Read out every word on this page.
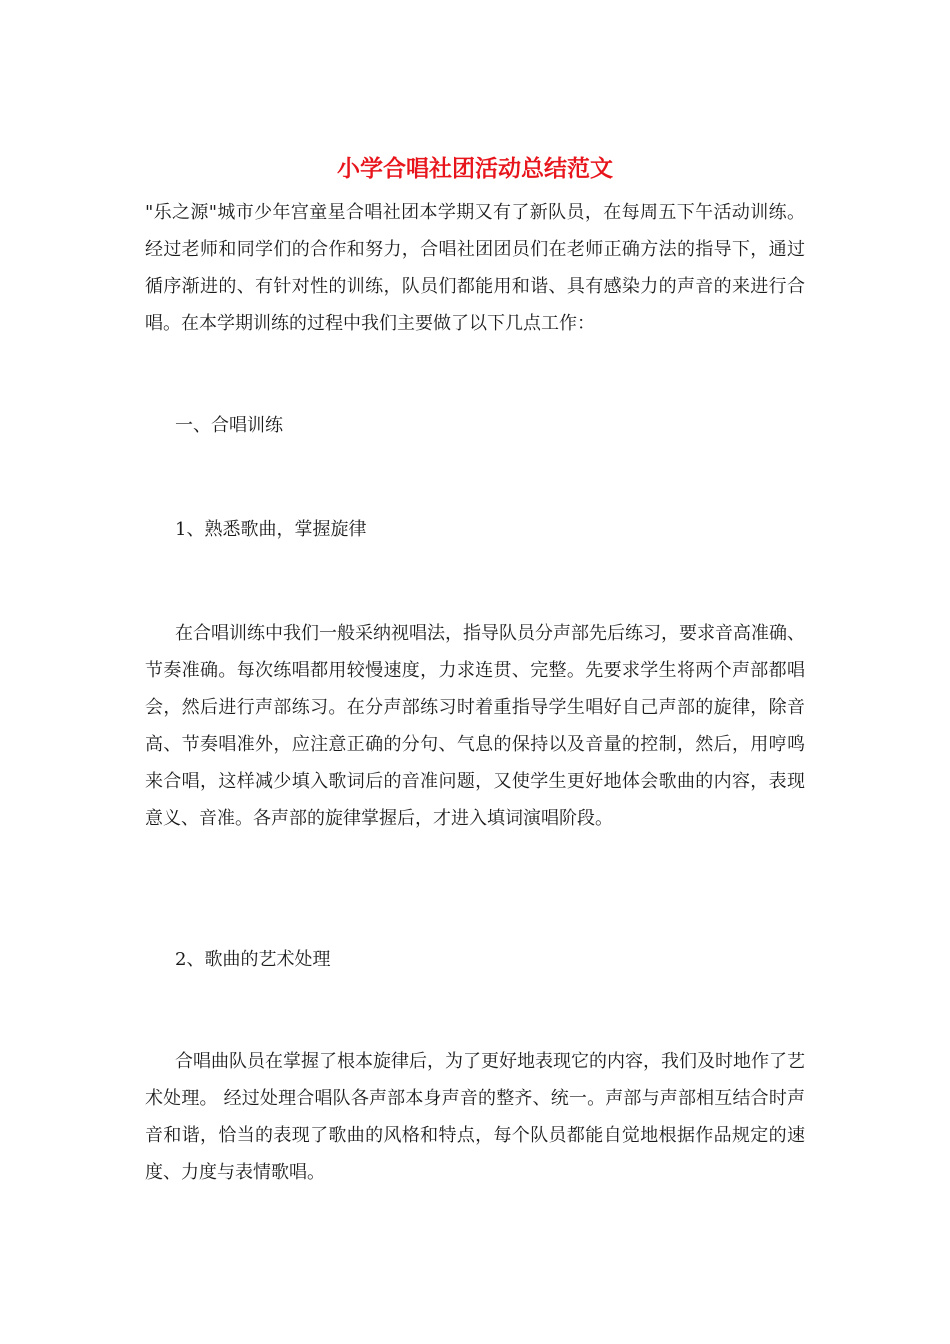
小学合唱社团活动总结范文

"乐之源"城市少年宫童星合唱社团本学期又有了新队员，在每周五下午活动训练。经过老师和同学们的合作和努力，合唱社团团员们在老师正确方法的指导下，通过循序渐进的、有针对性的训练，队员们都能用和谐、具有感染力的声音的来进行合唱。在本学期训练的过程中我们主要做了以下几点工作：

一、合唱训练

1、熟悉歌曲，掌握旋律

在合唱训练中我们一般采纳视唱法，指导队员分声部先后练习，要求音高准确、节奏准确。每次练唱都用较慢速度，力求连贯、完整。先要求学生将两个声部都唱会，然后进行声部练习。在分声部练习时着重指导学生唱好自己声部的旋律，除音高、节奏唱准外，应注意正确的分句、气息的保持以及音量的控制，然后，用哼鸣来合唱，这样减少填入歌词后的音准问题，又使学生更好地体会歌曲的内容，表现意义、音准。各声部的旋律掌握后，才进入填词演唱阶段。

2、歌曲的艺术处理

合唱曲队员在掌握了根本旋律后，为了更好地表现它的内容，我们及时地作了艺术处理。 经过处理合唱队各声部本身声音的整齐、统一。声部与声部相互结合时声音和谐，恰当的表现了歌曲的风格和特点，每个队员都能自觉地根据作品规定的速度、力度与表情歌唱。
